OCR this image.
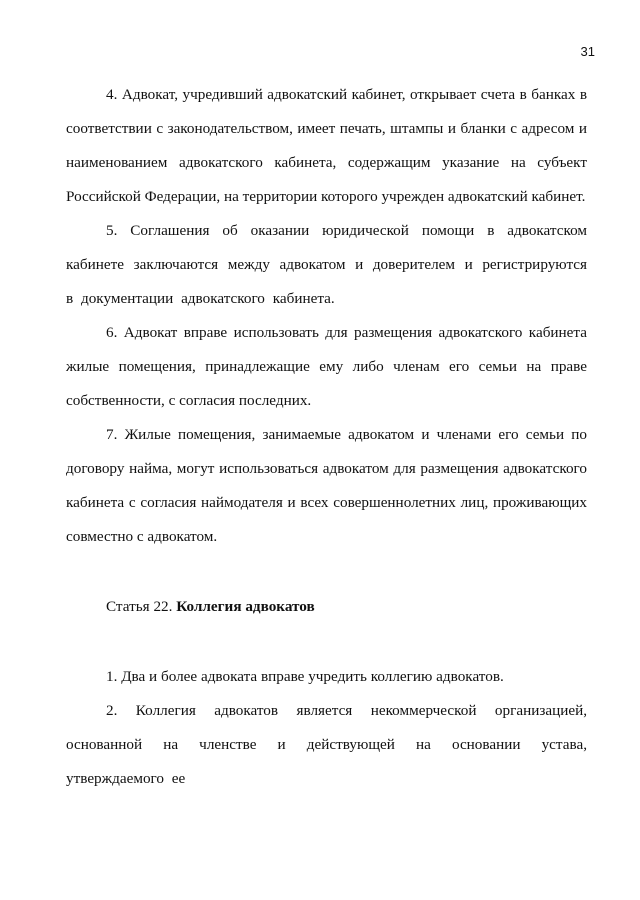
31

4. Адвокат, учредивший адвокатский кабинет, открывает счета в банках в соответствии с законодательством, имеет печать, штампы и бланки с адресом и наименованием адвокатского кабинета, содержащим указание на субъект Российской Федерации, на территории которого учрежден адвокатский кабинет.

5. Соглашения об оказании юридической помощи в адвокатском кабинете заключаются между адвокатом и доверителем и регистрируются в документации адвокатского кабинета.

6. Адвокат вправе использовать для размещения адвокатского кабинета жилые помещения, принадлежащие ему либо членам его семьи на праве собственности, с согласия последних.

7. Жилые помещения, занимаемые адвокатом и членами его семьи по договору найма, могут использоваться адвокатом для размещения адвокатского кабинета с согласия наймодателя и всех совершеннолетних лиц, проживающих совместно с адвокатом.

Статья 22. Коллегия адвокатов

1. Два и более адвоката вправе учредить коллегию адвокатов.

2. Коллегия адвокатов является некоммерческой организацией, основанной на членстве и действующей на основании устава, утверждаемого ее
